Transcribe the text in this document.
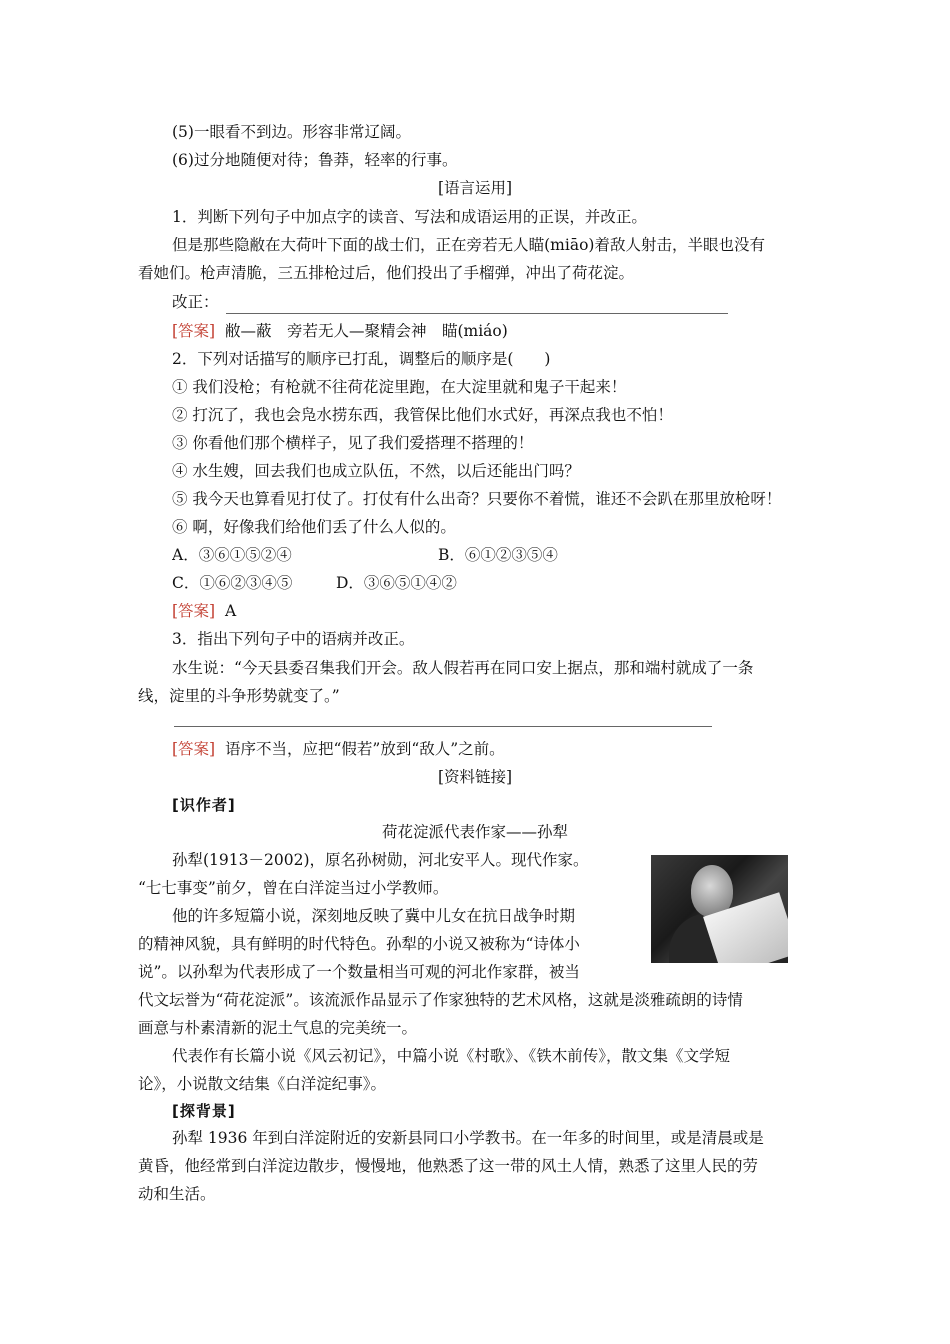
(5)一眼看不到边。形容非常辽阔。
(6)过分地随便对待；鲁莽，轻率的行事。
[语言运用]
1．判断下列句子中加点字的读音、写法和成语运用的正误，并改正。
但是那些隐敝在大荷叶下面的战士们，正在旁若无人瞄(miāo)着敌人射击，半眼也没有
看她们。枪声清脆，三五排枪过后，他们投出了手榴弹，冲出了荷花淀。
改正：
[答案] 敝—蔽　旁若无人—聚精会神　瞄(miáo)
2．下列对话描写的顺序已打乱，调整后的顺序是(　　)
① 我们没枪；有枪就不往荷花淀里跑，在大淀里就和鬼子干起来！
② 打沉了，我也会凫水捞东西，我管保比他们水式好，再深点我也不怕！
③ 你看他们那个横样子，见了我们爱搭理不搭理的！
④ 水生嫂，回去我们也成立队伍，不然，以后还能出门吗？
⑤ 我今天也算看见打仗了。打仗有什么出奇？只要你不着慌，谁还不会趴在那里放枪呀！
⑥ 啊，好像我们给他们丢了什么人似的。
A．③⑥①⑤②④	B．⑥①②③⑤④
C．①⑥②③④⑤	D．③⑥⑤①④②
[答案] A
3．指出下列句子中的语病并改正。
水生说：“今天县委召集我们开会。敌人假若再在同口安上据点，那和端村就成了一条
线，淀里的斗争形势就变了。”
[答案] 语序不当，应把“假若”放到“敌人”之前。
[资料链接]
[识作者]
荷花淀派代表作家——孙犁
孙犁(1913－2002)，原名孙树勋，河北安平人。现代作家。
“七七事变”前夕，曾在白洋淀当过小学教师。
他的许多短篇小说，深刻地反映了冀中儿女在抗日战争时期
的精神风貌，具有鲜明的时代特色。孙犁的小说又被称为“诗体小
说”。以孙犁为代表形成了一个数量相当可观的河北作家群，被当
代文坛誉为“荷花淀派”。该流派作品显示了作家独特的艺术风格，这就是淡雅疏朗的诗情
画意与朴素清新的泥土气息的完美统一。
代表作有长篇小说《风云初记》，中篇小说《村歌》、《铁木前传》，散文集《文学短
论》，小说散文结集《白洋淀纪事》。
[探背景]
孙犁 1936 年到白洋淀附近的安新县同口小学教书。在一年多的时间里，或是清晨或是
黄昏，他经常到白洋淀边散步，慢慢地，他熟悉了这一带的风土人情，熟悉了这里人民的劳
动和生活。
